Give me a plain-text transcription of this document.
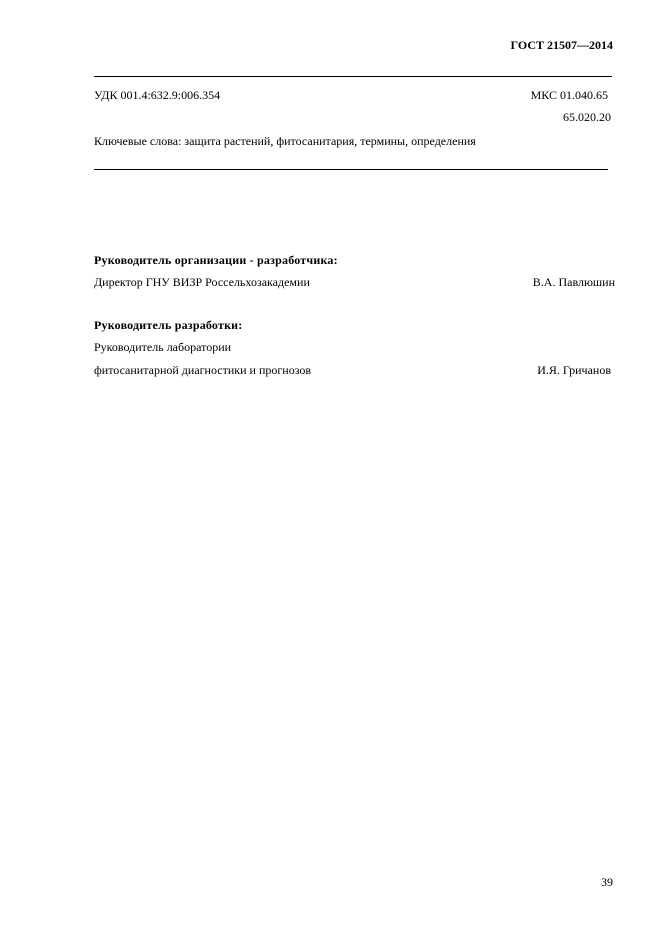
ГОСТ 21507—2014
УДК 001.4:632.9:006.354	МКС 01.040.65
65.020.20
Ключевые слова: защита растений, фитосанитария, термины, определения
Руководитель организации - разработчика:
Директор ГНУ ВИЗР Россельхозакадемии	В.А. Павлюшин
Руководитель разработки:
Руководитель лаборатории
фитосанитарной диагностики и прогнозов	И.Я. Гричанов
39
